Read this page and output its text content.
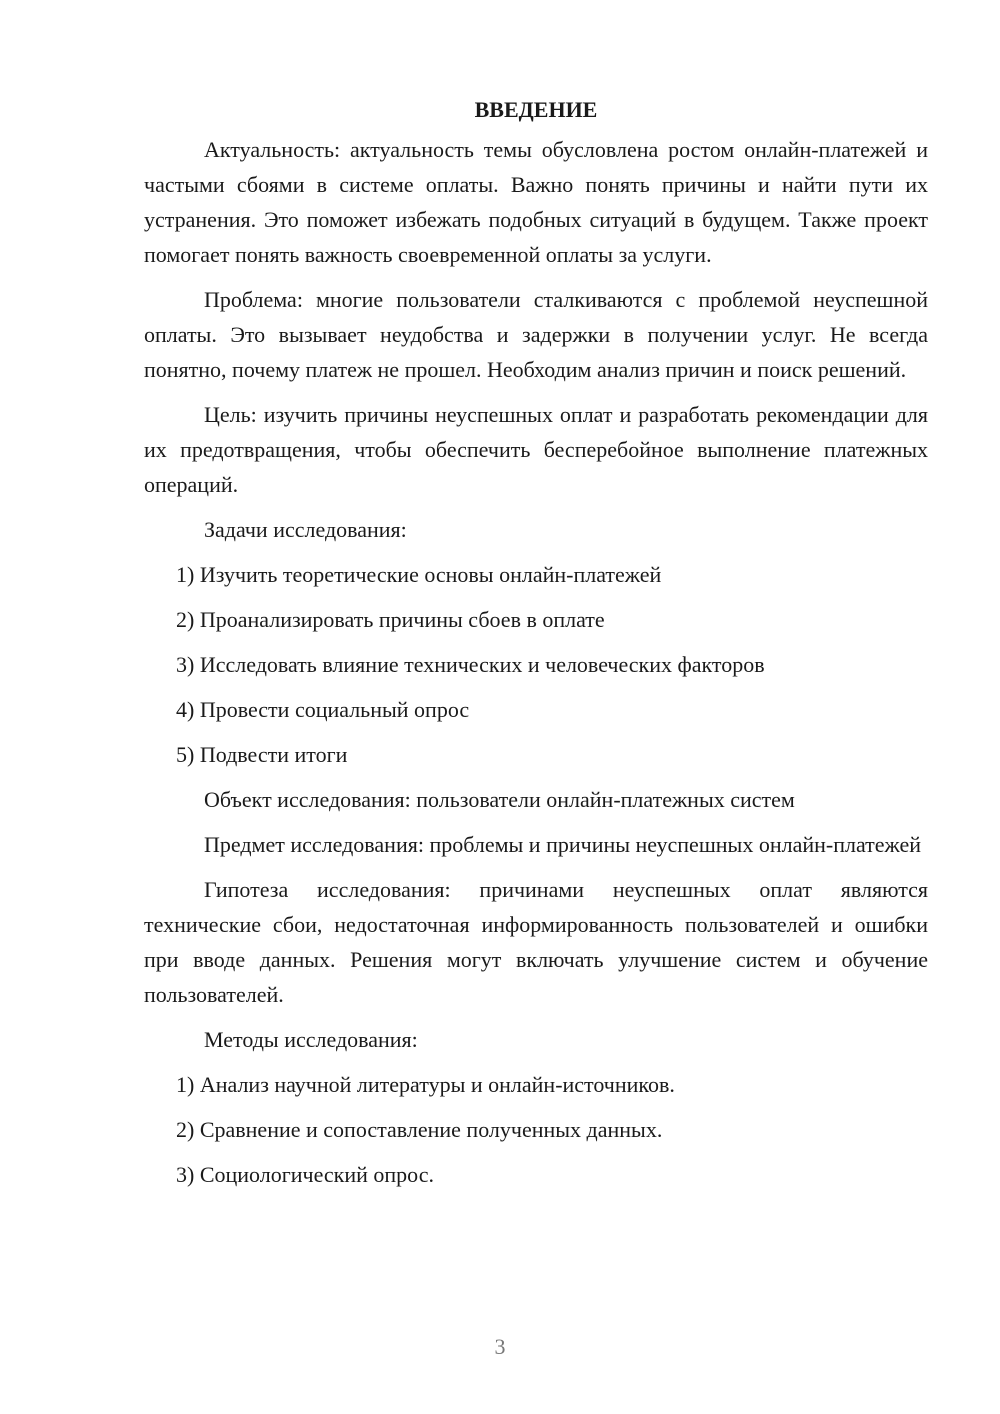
ВВЕДЕНИЕ

Актуальность: актуальность темы обусловлена ростом онлайн-платежей и частыми сбоями в системе оплаты. Важно понять причины и найти пути их устранения. Это поможет избежать подобных ситуаций в будущем. Также проект помогает понять важность своевременной оплаты за услуги.

Проблема: многие пользователи сталкиваются с проблемой неуспешной оплаты. Это вызывает неудобства и задержки в получении услуг. Не всегда понятно, почему платеж не прошел. Необходим анализ причин и поиск решений.

Цель: изучить причины неуспешных оплат и разработать рекомендации для их предотвращения, чтобы обеспечить бесперебойное выполнение платежных операций.

Задачи исследования:
1) Изучить теоретические основы онлайн-платежей
2) Проанализировать причины сбоев в оплате
3) Исследовать влияние технических и человеческих факторов
4) Провести социальный опрос
5) Подвести итоги
Объект исследования: пользователи онлайн-платежных систем

Предмет исследования: проблемы и причины неуспешных онлайн-платежей

Гипотеза исследования: причинами неуспешных оплат являются технические сбои, недостаточная информированность пользователей и ошибки при вводе данных. Решения могут включать улучшение систем и обучение пользователей.

Методы исследования:
1) Анализ научной литературы и онлайн-источников.
2) Сравнение и сопоставление полученных данных.
3) Социологический опрос.
3
